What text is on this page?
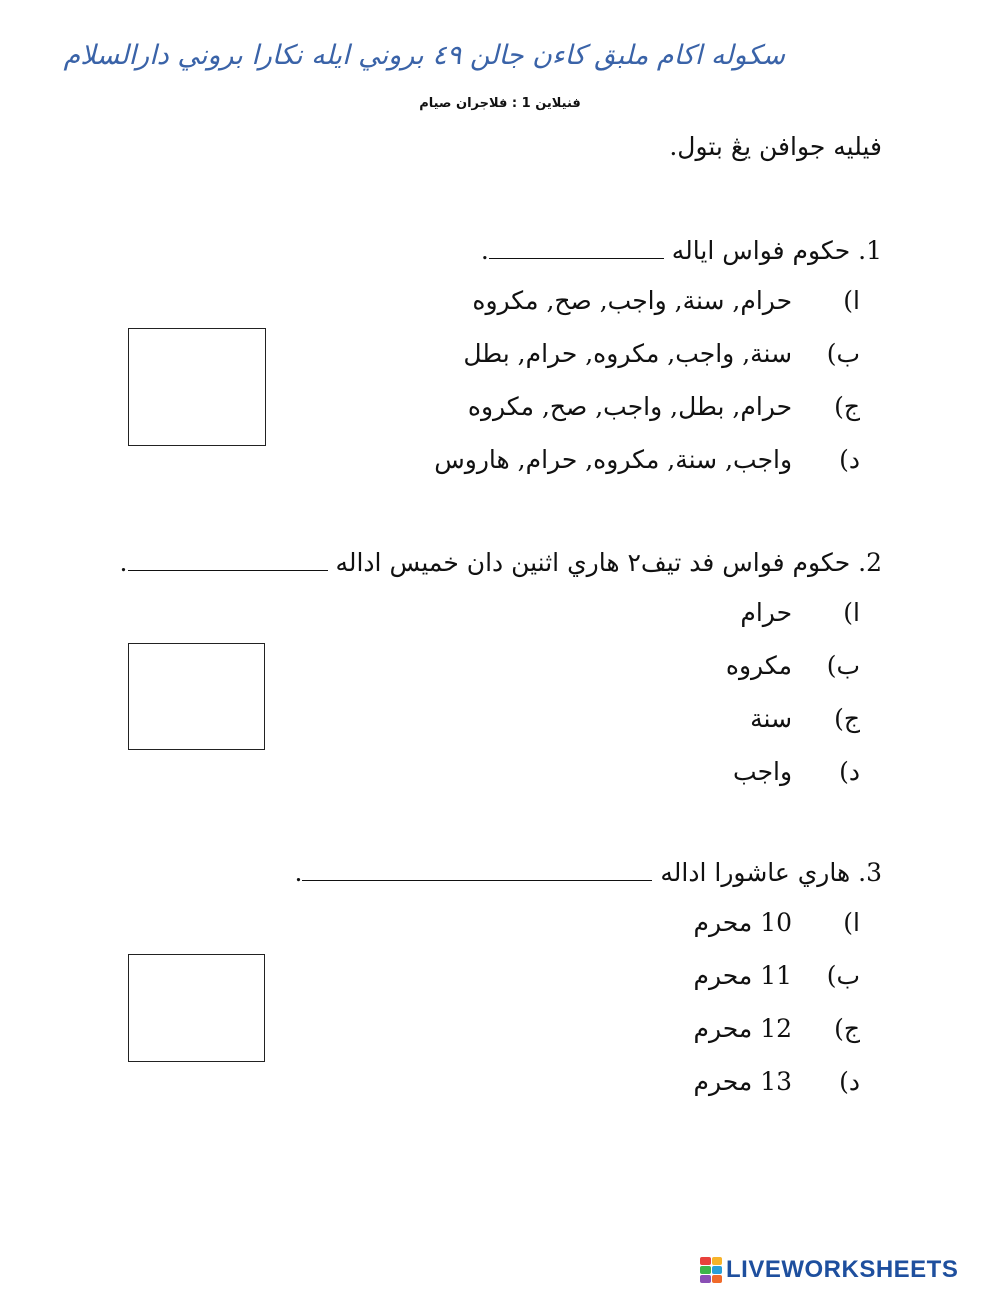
سکوله اکام ملبق کاءن جالن ٤٩ بروني ايله نکارا بروني دارالسلام
فنيلاين 1 : فلاجران صيام
فيليه جوافن يڠ بتول.
1. حکوم فواس اياله .
ا) حرام, سنة, واجب, صح, مکروه
ب) سنة, واجب, مکروه, حرام, بطل
ج) حرام, بطل, واجب, صح, مکروه
د) واجب, سنة, مکروه, حرام, هاروس
2. حکوم فواس فد تيف٢ هاري اثنين دان خميس اداله .
ا) حرام
ب) مکروه
ج) سنة
د) واجب
3. هاري عاشورا اداله .
ا) 10 محرم
ب) 11 محرم
ج) 12 محرم
د) 13 محرم
LIVEWORKSHEETS
